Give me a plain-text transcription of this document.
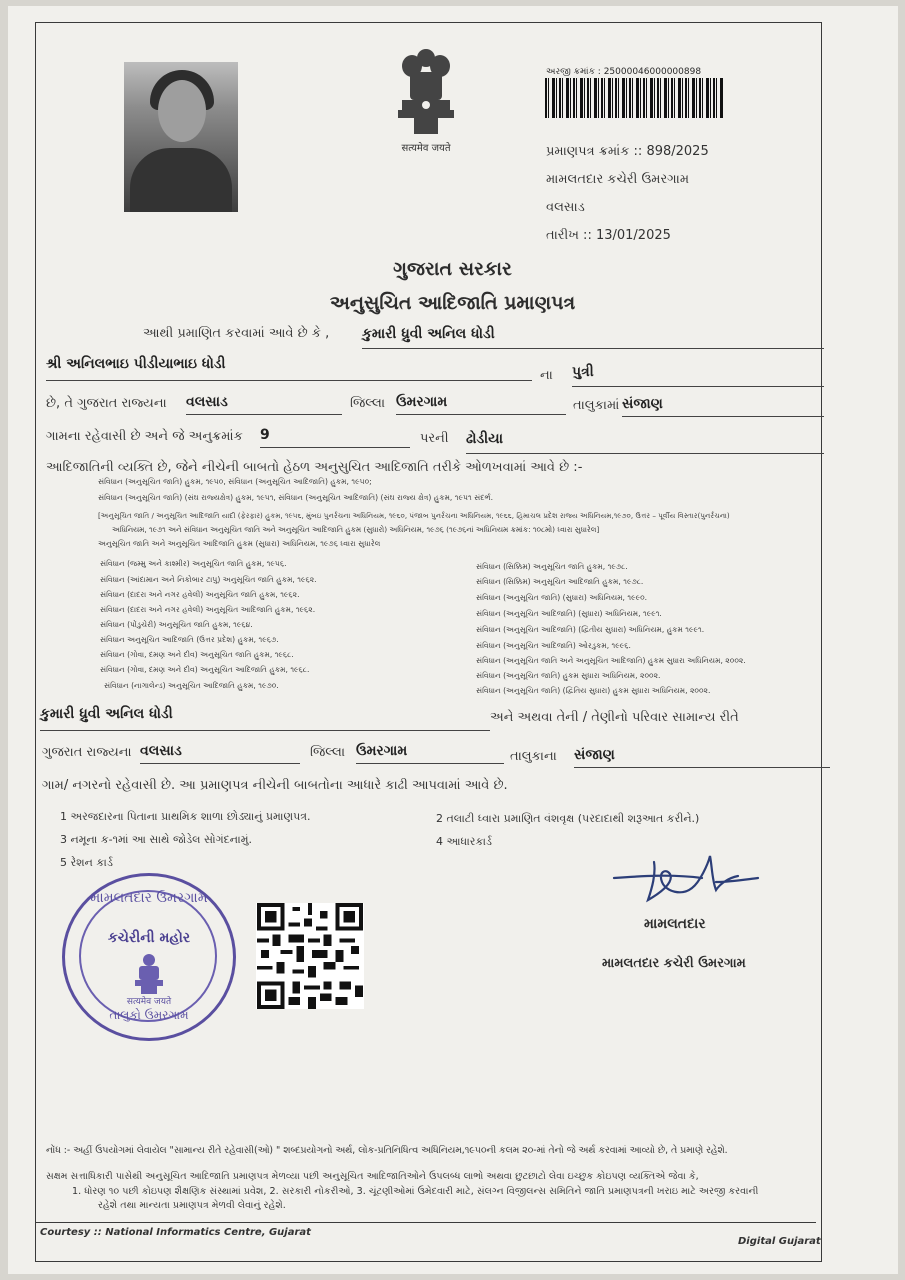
सत्यमेव जयते
અરજી ક્રમાંક : 25000046000000898
પ્રમાણપત્ર ક્રમાંક :: 898/2025
મામલતદાર કચેરી ઉમરગામ
વલસાડ
તારીખ :: 13/01/2025
ગુજરાત સરકાર
અનુસુચિત આદિજાતિ પ્રમાણપત્ર
આથી પ્રમાણિત કરવામાં આવે છે કે , કુમારી ધ્રુવી અનિલ ધોડી
શ્રી અનિલભાઇ પીડીયાભાઇ ધોડી
ના પુત્રી
છે, તે ગુજરાત રાજ્યના વલસાડ	જિલ્લા ઉમરગામ	તાલુકામાં સંજાણ
ગામના રહેવાસી છે અને જે અનુક્રમાંક 9	પરની ઢોડીયા
આદિજાતિની વ્યક્તિ છે, જેને નીચેની બાબતો હેઠળ અનુસુચિત આદિજાતિ તરીકે ઓળખવામાં આવે છે :-
સંવિધાન (અનુસૂચિત જાતિ) હુકમ, ૧૯૫૦, સંવિધાન (અનુસૂચિત આદિજાતિ) હુકમ, ૧૯૫૦;
સંવિધાન (અનુસૂચિત જાતિ) (સંઘ રાજ્યક્ષેત્ર) હુકમ, ૧૯૫૧, સંવિધાન (અનુસૂચિત આદિજાતિ) (સંઘ રાજ્ય ક્ષેત્ર) હુકમ, ૧૯૫૧ સંદર્ભ.
[અનુસૂચિત જાતિ / અનુસૂચિત આદિજાતિ યાદી (ફેરફાર) હુકમ, ૧૯૫૬, મુંબઇ પુનર્રચના અધિનિયમ, ૧૯૬૦, પંજાબ પુનર્રચના અધિનિયમ, ૧૯૬૬, હિમાચલ પ્રદેશ રાજ્ય અધિનિયમ,૧૯૭૦, ઉત્તર – પૂર્વીય વિસ્તાર(પુનર્રચના)
અધિનિયમ, ૧૯૭૧ અને સંવિધાન અનુસૂચિત જાતિ અને અનુસૂચિત આદિજાતિ હુકમ (સુધારો) અધિનિયમ, ૧૯૭૬ (૧૯૭૬નાં અધિનિયમ ક્રમાંક: ૧૦૮મો) ધ્વારા સુધારેલ]
અનુસૂચિત જાતિ અને અનુસૂચિત આદિજાતિ હુકમ (સુધારા) અધિનિયમ, ૧૯૭૬ ધ્વારા સુધારેલ
સંવિધાન (જમ્મુ અને કાશ્મીર) અનુસૂચિત જાતિ હુકમ, ૧૯૫૬.
સંવિધાન (આંદામાન અને નિકોબાર ટાપુ) અનુસૂચિત જાતિ હુકમ, ૧૯૬૨.
સંવિધાન (દાદરા અને નગર હવેલી) અનુસૂચિત જાતિ હુકમ, ૧૯૬૨.
સંવિધાન (દાદરા અને નગર હવેલી) અનુસૂચિત આદિજાતિ હુકમ, ૧૯૬૨.
સંવિધાન (પોંડુચેરી) અનુસૂચિત જાતિ હુકમ, ૧૯૬૪.
સંવિધાન અનુસૂચિત આદિજાતિ (ઉત્તર પ્રદેશ) હુકમ, ૧૯૬૭.
સંવિધાન (ગોવા, દમણ અને દીવ) અનુસૂચિત જાતિ હુકમ, ૧૯૬૮.
સંવિધાન (ગોવા, દમણ અને દીવ) અનુસૂચિત આદિજાતિ હુકમ, ૧૯૬૮.
સંવિધાન (નાગાલેન્ડ) અનુસૂચિત આદિજાતિ હુકમ, ૧૯૭૦.
સંવિધાન (સિક્કિમ) અનુસૂચિત જાતિ હુકમ, ૧૯૭૮.
સંવિધાન (સિક્કિમ) અનુસૂચિત આદિજાતિ હુકમ, ૧૯૭૮.
સંવિધાન (અનુસૂચિત જાતિ) (સુધારા) અધિનિયમ, ૧૯૯૦.
સંવિધાન (અનુસૂચિત આદિજાતિ) (સુધારા) અધિનિયમ, ૧૯૯૧.
સંવિધાન (અનુસૂચિત આદિજાતિ) (દ્વિતીય સુધારા) અધિનિયમ, હુકમ ૧૯૯૧.
સંવિધાન (અનુસૂચિત આદિજાતિ) ઓરડુકમ, ૧૯૯૬.
સંવિધાન (અનુસૂચિત જાતિ અને અનુસૂચિત આદિજાતિ) હુકમ સુધારા અધિનિયમ, ૨૦૦૨.
સંવિધાન (અનુસૂચિત જાતિ) હુકમ સુધારા અધિનિયમ, ૨૦૦૨.
સંવિધાન (અનુસૂચિત જાતિ) (દ્વિતિય સુધારા) હુકમ સુધારા અધિનિયમ, ૨૦૦૨.
કુમારી ધ્રુવી અનિલ ધોડી	અને અથવા તેની / તેણીનો પરિવાર સામાન્ય રીતે
ગુજરાત રાજ્યના વલસાડ	જિલ્લા ઉમરગામ	તાલુકાના સંજાણ
ગામ/ નગરનો રહેવાસી છે. આ પ્રમાણપત્ર નીચેની બાબતોના આધારે કાઢી આપવામાં આવે છે.
1 અરજદારના પિતાના પ્રાથમિક શાળા છોડ્યાનું પ્રમાણપત્ર.	2 તલાટી ધ્વારા પ્રમાણિત વંશવૃક્ષ (પરદાદાથી શરૂઆત કરીને.)
3 નમૂના ક-૧માં આ સાથે જોડેલ સોગંદનામું.	4 આધારકાર્ડ
5 રેશન કાર્ડ
મામલતદાર ઉમરગામ
કચેરીની મહોર
सत्यमेव जयते
તાલુકો ઉમરગામ
મામલતદાર
મામલતદાર કચેરી ઉમરગામ
નોંધ :- અહીં ઉપયોગમાં લેવાયેલ "સામાન્ય રીતે રહેવાસી(ઓ) " શબ્દપ્રયોગનો અર્થ, લોક-પ્રતિનિધિત્વ અધિનિયમ,૧૯૫૦ની કલમ ૨૦-માં તેનો જે અર્થ કરવામાં આવ્યો છે, તે પ્રમાણે રહેશે.
સક્ષમ સત્તાધિકારી પાસેથી અનુસૂચિત આદિજાતિ પ્રમાણપત્ર મેળવ્યા પછી અનુસૂચિત આદિજાતિઓને ઉપલબ્ધ લાભો અથવા છુટછાટો લેવા ઇચ્છુક કોઇપણ વ્યક્તિએ જેવા કે,
1. ધોરણ ૧૦ પછી કોઇપણ શૈક્ષણિક સંસ્થામાં પ્રવેશ, 2. સરકારી નોકરીઓ, 3. ચૂંટણીઓમાં ઉમેદવારી માટે, સંલગ્ન વિજીલન્સ સમિતિને જાતિ પ્રમાણપત્રની ખરાઇ માટે અરજી કરવાની
રહેશે તથા માન્યતા પ્રમાણપત્ર મેળવી લેવાનું રહેશે.
Courtesy :: National Informatics Centre, Gujarat
Digital Gujarat
